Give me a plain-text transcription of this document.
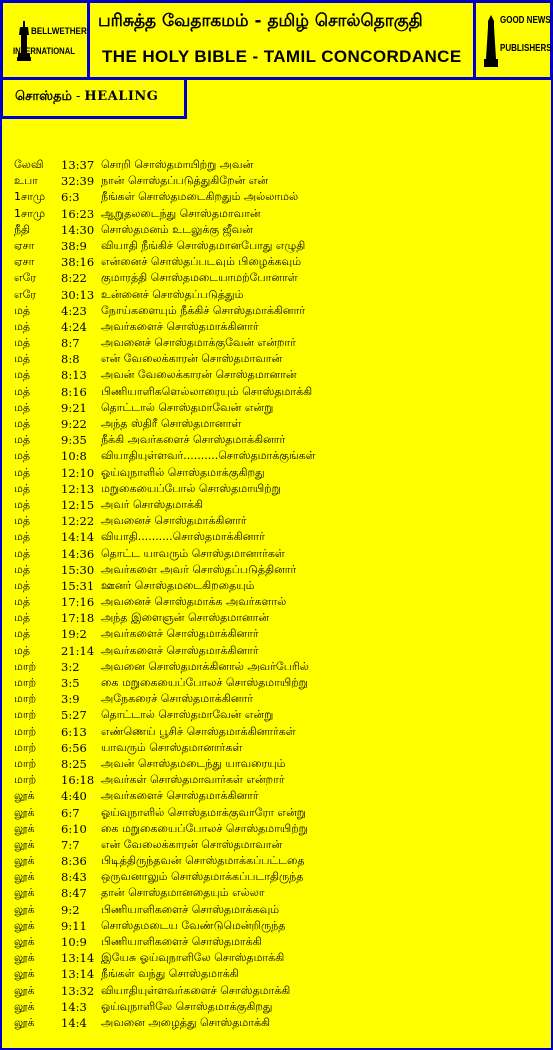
BELLWETHER
INTERNATIONAL
பரிசுத்த வேதாகமம் - தமிழ் சொல்தொகுதி
THE HOLY BIBLE - TAMIL CONCORDANCE
GOOD NEWS
PUBLISHERS
சொஸ்தம் - HEALING
லேவி 13:37 சொறி சொஸ்தமாயிற்று அவன்
உபா 32:39 நான் சொஸ்தப்படுத்துகிறேன் என்
1சாமு 6:3 நீங்கள் சொஸ்தமடைகிறதும் அல்லாமல்
1சாமு 16:23 ஆறுதலடைந்து சொஸ்தமாவான்
நீதி	14:30 சொஸ்தமனம் உடலுக்கு ஜீவன்
ஏசா 38:9 வியாதி நீங்கிச் சொஸ்தமானபோது எழுதி
ஏசா 38:16 என்னைச் சொஸ்தப்படவும் பிழைக்கவும்
எரே 8:22 குமாரத்தி சொஸ்தமடையாமற்போனாள்
எரே 30:13 உன்னைச் சொஸ்தப்படுத்தும்
மத்	4:23 நோய்களையும் நீக்கிச் சொஸ்தமாக்கினார்
மத்	4:24 அவர்களைச் சொஸ்தமாக்கினார்
மத்	8:7 அவனைச் சொஸ்தமாக்குவேன் என்றார்
மத்	8:8 என் வேலைக்காரன் சொஸ்தமாவான்
மத்	8:13 அவன் வேலைக்காரன் சொஸ்தமானான்
மத்	8:16 பிணியாளிகளெல்லாரையும் சொஸ்தமாக்கி
மத்	9:21 தொட்டால் சொஸ்தமாவேன் என்று
மத்	9:22 அந்த ஸ்திரீ சொஸ்தமானாள்
மத்	9:35 நீக்கி அவர்களைச் சொஸ்தமாக்கினார்
மத்	10:8 வியாதியுள்ளவர்..........சொஸ்தமாக்குங்கள்
மத்	12:10 ஓய்வுநாளில் சொஸ்தமாக்குகிறது
மத்	12:13 மறுகையைப்போல் சொஸ்தமாயிற்று
மத்	12:15 அவர் சொஸ்தமாக்கி
மத்	12:22 அவனைச் சொஸ்தமாக்கினார்
மத்	14:14 வியாதி..........சொஸ்தமாக்கினார்
மத்	14:36 தொட்ட யாவரும் சொஸ்தமானார்கள்
மத்	15:30 அவர்களை அவர் சொஸ்தப்படுத்தினார்
மத்	15:31 ஊனர் சொஸ்தமடைகிறதையும்
மத்	17:16 அவனைச் சொஸ்தமாக்க அவர்களால்
மத்	17:18 அந்த இளைஞன் சொஸ்தமானான்
மத்	19:2 அவர்களைச் சொஸ்தமாக்கினார்
மத்	21:14 அவர்களைச் சொஸ்தமாக்கினார்
மாற் 3:2 அவனை சொஸ்தமாக்கினால் அவர்பேரில்
மாற் 3:5 கை மறுகையைப்போலச் சொஸ்தமாயிற்று
மாற் 3:9 அநேகரைச் சொஸ்தமாக்கினார்
மாற் 5:27 தொட்டால் சொஸ்தமாவேன் என்று
மாற் 6:13 எண்ணெய் பூசிச் சொஸ்தமாக்கினார்கள்
மாற் 6:56 யாவரும் சொஸ்தமானார்கள்
மாற் 8:25 அவன் சொஸ்தமடைந்து யாவரையும்
மாற் 16:18 அவர்கள் சொஸ்தமாவார்கள் என்றார்
லூக் 4:40 அவர்களைச் சொஸ்தமாக்கினார்
லூக் 6:7 ஓய்வுநாளில் சொஸ்தமாக்குவாரோ என்று
லூக் 6:10 கை மறுகையைப்போலச் சொஸ்தமாயிற்று
லூக் 7:7 என் வேலைக்காரன் சொஸ்தமாவான்
லூக் 8:36 பிடித்திருந்தவன் சொஸ்தமாக்கப்பட்டதை
லூக் 8:43 ஒருவனாலும் சொஸ்தமாக்கப்படாதிருந்த
லூக் 8:47 தான் சொஸ்தமானதையும் எல்லா
லூக் 9:2 பிணியாளிகளைச் சொஸ்தமாக்கவும்
லூக் 9:11 சொஸ்தமடைய வேண்டுமென்றிருந்த
லூக் 10:9 பிணியாளிகளைச் சொஸ்தமாக்கி
லூக் 13:14 இயேசு ஓய்வுநாளிலே சொஸ்தமாக்கி
லூக் 13:14 நீங்கள் வந்து சொஸ்தமாக்கி
லூக் 13:32 வியாதியுள்ளவர்களைச் சொஸ்தமாக்கி
லூக் 14:3 ஓய்வுநாளிலே சொஸ்தமாக்குகிறது
லூக் 14:4 அவனை அழைத்து சொஸ்தமாக்கி
